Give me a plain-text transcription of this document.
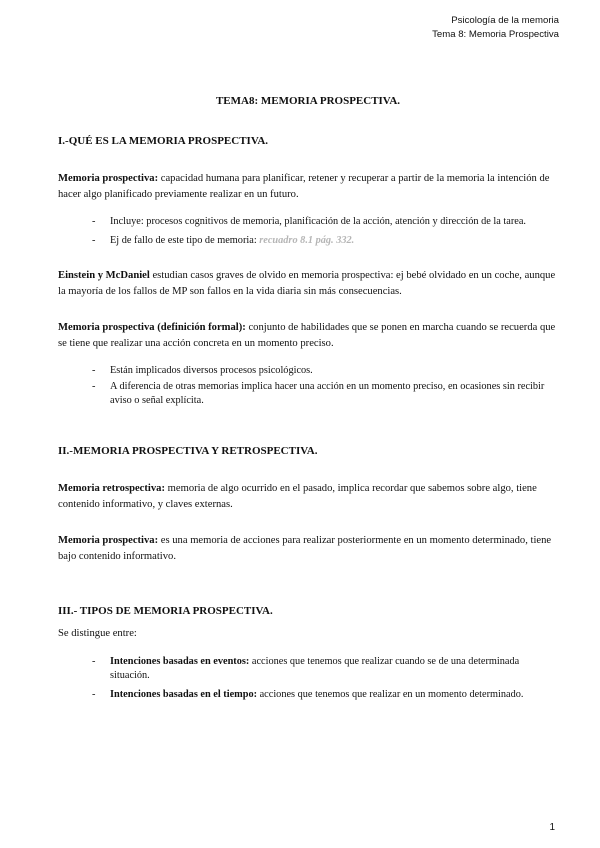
Psicología de la memoria
Tema 8: Memoria Prospectiva
TEMA8: MEMORIA PROSPECTIVA.
I.-QUÉ ES LA MEMORIA PROSPECTIVA.

Memoria prospectiva: capacidad humana para planificar, retener y recuperar a partir de la memoria la intención de hacer algo planificado previamente realizar en un futuro.

- Incluye: procesos cognitivos de memoria, planificación de la acción, atención y dirección de la tarea.
- Ej de fallo de este tipo de memoria: recuadro 8.1 pág. 332.

Einstein y McDaniel estudian casos graves de olvido en memoria prospectiva: ej bebé olvidado en un coche, aunque la mayoría de los fallos de MP son fallos en la vida diaria sin más consecuencias.

Memoria prospectiva (definición formal): conjunto de habilidades que se ponen en marcha cuando se recuerda que se tiene que realizar una acción concreta en un momento preciso.

- Están implicados diversos procesos psicológicos.
- A diferencia de otras memorias implica hacer una acción en un momento preciso, en ocasiones sin recibir aviso o señal explícita.
II.-MEMORIA PROSPECTIVA Y RETROSPECTIVA.

Memoria retrospectiva: memoria de algo ocurrido en el pasado, implica recordar que sabemos sobre algo, tiene contenido informativo, y claves externas.

Memoria prospectiva: es una memoria de acciones para realizar posteriormente en un momento determinado, tiene bajo contenido informativo.

III.- TIPOS DE MEMORIA PROSPECTIVA.

Se distingue entre:

- Intenciones basadas en eventos: acciones que tenemos que realizar cuando se de una determinada situación.
- Intenciones basadas en el tiempo: acciones que tenemos que realizar en un momento determinado.
1
